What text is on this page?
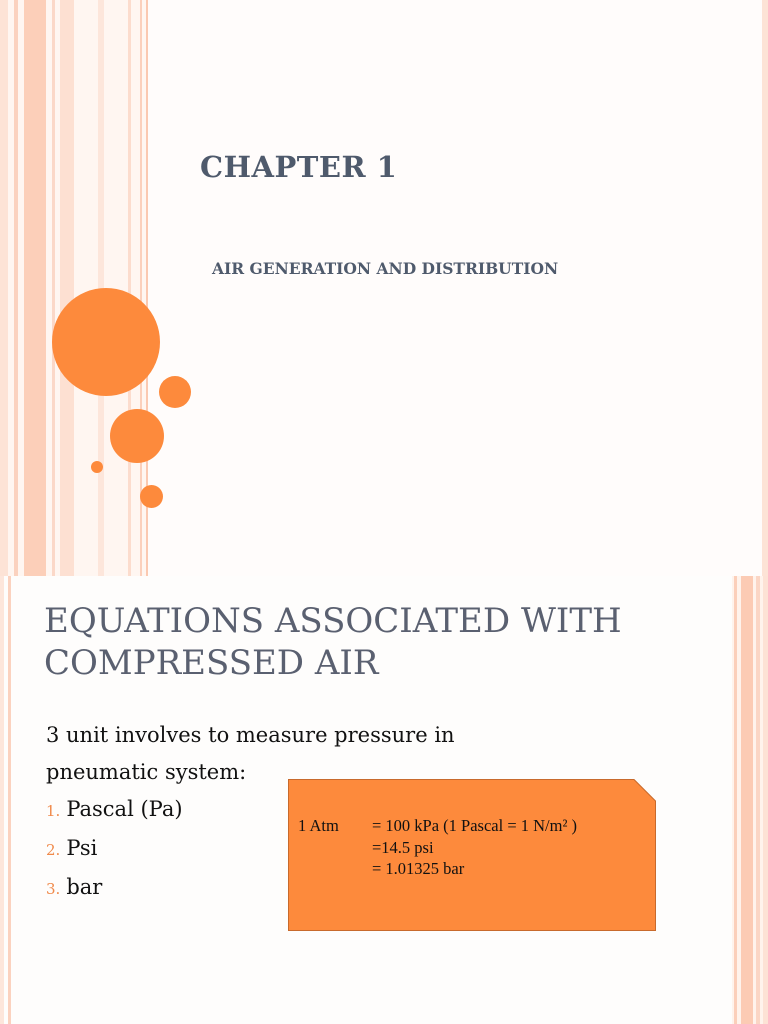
CHAPTER 1
AIR GENERATION AND DISTRIBUTION
EQUATIONS ASSOCIATED WITH
COMPRESSED AIR
3 unit involves to measure pressure in
pneumatic system:
1. Pascal (Pa)
2. Psi
3. bar
1 Atm = 100 kPa (1 Pascal = 1 N/m² )
=14.5 psi
= 1.01325 bar
